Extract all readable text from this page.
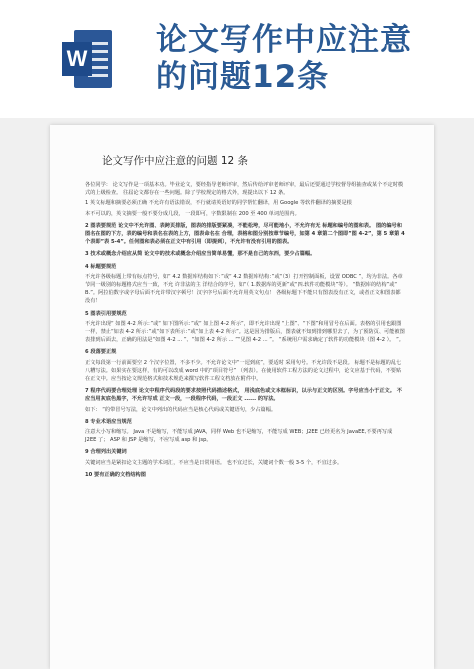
W
论文写作中应注意
的问题12条
论文写作中应注意的问题 12 条

各位同学： 论文写作是一项基本功。毕业论文，要经指导老师评审，然后传给评审老师评审，最后还要通过学校督导组抽查或某个不定时模式的上级检查。 往届论文都存在一些问题。除了学校规定的格式外，现提出以下 12 条。

1 英文标题和摘要必须正确 不允许有语法错误，不行就请英语好的同学帮忙翻译，用 Google 等软件翻译的摘要是根

本不可以的，英文摘要一般不要分成几段， 一段即可，字数限制在 200 至 400 单词范围内。

2 图表要规范 论文中不允许图、表跨页排版，图表的排版要紧凑，不能松垮，尽可能地小，不允许有无 标题和编号的图和表。 图的编号和图名在图的下方，表的编号和表名在表的上方，图表命名在 合理，表格和图分别按章节编号，如第 4 章第二个图即”图 4-2”，第 5 章第 4 个表即”表 5-4”。任何图和表必须在正文中有引用（即提到），不允许有没有引用的图表。

3 技术或概念介绍应从简 论文中的技术或概念介绍应当简单易懂，那不是自己的东西，要少占篇幅。

4 标题要规范

不允许各级标题上带有标点符号，如“ 4.2 数据库结构如下：”或“ 4.2 数据库结构：”或“（3）打开控制面板，设置 ODBC ”，均为非法。各章节同一级别的标题格式应当一致，不允 许非法的主 洋结合的序号，如“（ 1.数据库的更新”或“四.软件功能模块”等）。 “数据库的结构”或“ B.”。阿拉伯数字或字母后面不允许带汉字顿号！汉字序号后面不允许用英文句点！ 各级标题下不能只有图表没有正文，或者正文和图表都没有！

5 图表引用要规范

不允许出现“ 如图 4-2 所示：”或“ 如下图所示：”或“ 如上图 4-2 所示”，即不允许出现 “上图”、“下图”和用冒号在后面。表格的引用也跟图一样，禁止“如表 4-2 所示：”或“如下表所示：”或“如上表 4-2 所示”。这是因为排版后，图表就不知到排到哪里去了，为了预防页、可能被图表排到后面去，正确的用法是“如图 4-2 ... ”、“如图 4-2 所示 ... ”“见图 4-2 ... ”。 “系统用户需求确定了软件的功能模块（图 4-2 ）。 ”。

6 段落要正规

正文每段第一行前面要空 2 个汉字位置，不多不少。不允许论文中“一逗到底”，要适时 采用句号。不允许段不是段。 标题不是标题的乱七八糟写法。如果实在要这样，有的可以改成 word 中的“项目符号” （列表）。在使用软件工程方法的论文过程中，论文应基于代码，不要贴在正文中。应当按论文规范格式和技术规范来撰写软件工程文档放在附件中。

7 程序代码要合理处理 论文中程序代码段的要求按照代码描述格式， 用浅底色或文本框标识，以示与正文的区别。字号应当小于正文。 不应当用灰底色黑字，不允许写成 正文一段，一段程序代码，一段正文 ...... 的写法。

如下： “的带冒号写法，论文中列出的代码应当是核心代码或关键语句，少占篇幅。

8 专业术语应当规范

注意大小写和缩写。 Java 不是缩写，不能写成 JAVA，同样 Web 也不是缩写，不能写成 WEB；J2EE 已经更名为 JavaEE,不要再写成 J2EE 了； ASP 和 JSP 是缩写，不应写成 asp 和 jsp。

9 合理列出关键词

关键词应当是紧扣论文主题的学术词汇，不应当是日常用语。 也不宜过长，关键词个数一般 3-5 个，不宜过多。

10 要有正确的文档结构图
